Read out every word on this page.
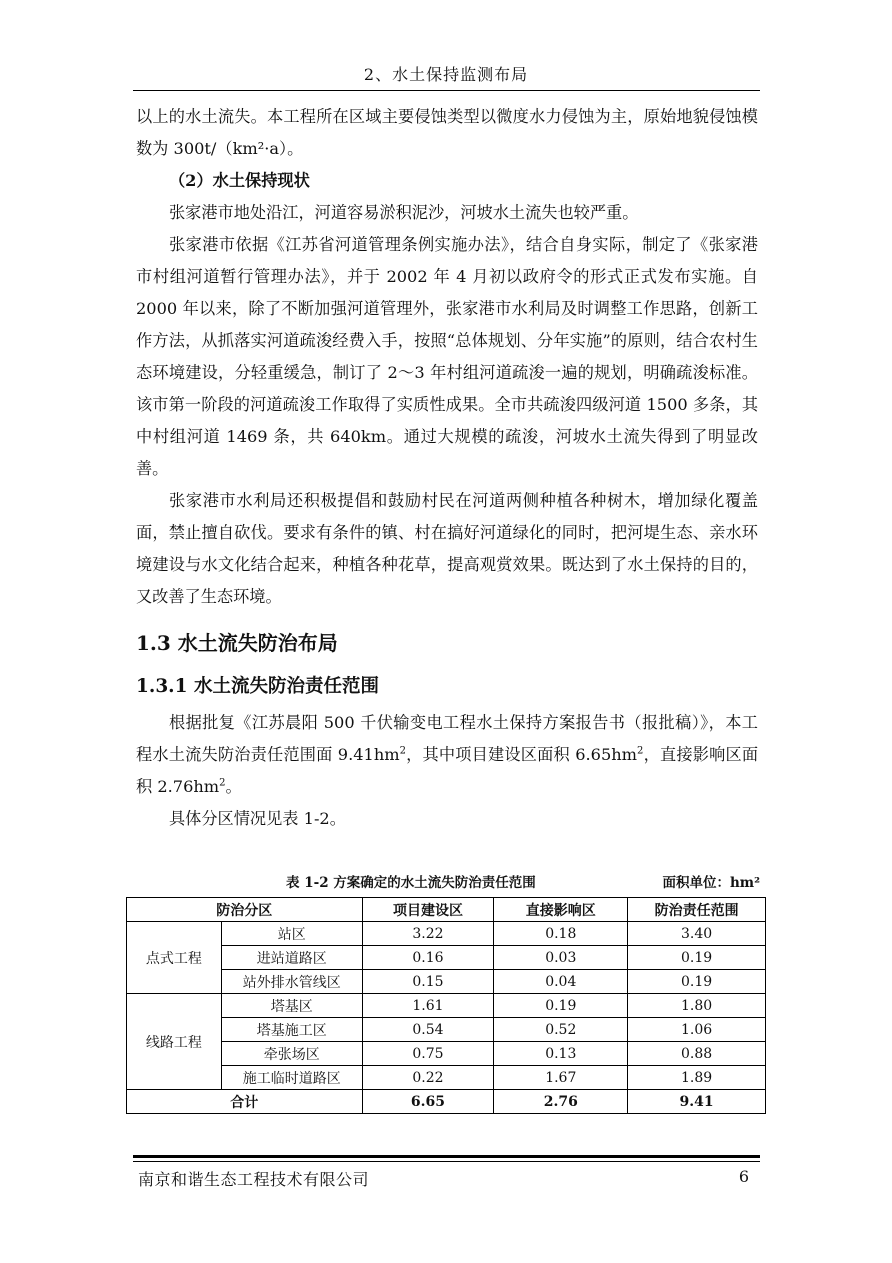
2、水土保持监测布局

以上的水土流失。本工程所在区域主要侵蚀类型以微度水力侵蚀为主，原始地貌侵蚀模数为 300t/（km²·a）。

（2）水土保持现状

张家港市地处沿江，河道容易淤积泥沙，河坡水土流失也较严重。

张家港市依据《江苏省河道管理条例实施办法》，结合自身实际，制定了《张家港市村组河道暂行管理办法》，并于 2002 年 4 月初以政府令的形式正式发布实施。自 2000 年以来，除了不断加强河道管理外，张家港市水利局及时调整工作思路，创新工作方法，从抓落实河道疏浚经费入手，按照“总体规划、分年实施”的原则，结合农村生态环境建设，分轻重缓急，制订了 2～3 年村组河道疏浚一遍的规划，明确疏浚标准。该市第一阶段的河道疏浚工作取得了实质性成果。全市共疏浚四级河道 1500 多条，其中村组河道 1469 条，共 640km。通过大规模的疏浚，河坡水土流失得到了明显改善。

张家港市水利局还积极提倡和鼓励村民在河道两侧种植各种树木，增加绿化覆盖面，禁止擅自砍伐。要求有条件的镇、村在搞好河道绿化的同时，把河堤生态、亲水环境建设与水文化结合起来，种植各种花草，提高观赏效果。既达到了水土保持的目的，又改善了生态环境。

1.3 水土流失防治布局
1.3.1 水土流失防治责任范围

根据批复《江苏晨阳 500 千伏输变电工程水土保持方案报告书（报批稿）》，本工程水土流失防治责任范围面 $9.41hm^2$，其中项目建设区面积 $6.65hm^2$，直接影响区面积 $2.76hm^2$。

具体分区情况见表 1-2。

表 1-2 方案确定的水土流失防治责任范围	面积单位：hm²
防治分区		项目建设区	直接影响区	防治责任范围
点式工程	站区	3.22	0.18	3.40
	进站道路区	0.16	0.03	0.19
	站外排水管线区	0.15	0.04	0.19
线路工程	塔基区	1.61	0.19	1.80
	塔基施工区	0.54	0.52	1.06
	牵张场区	0.75	0.13	0.88
	施工临时道路区	0.22	1.67	1.89
合计		6.65	2.76	9.41
南京和谐生态工程技术有限公司	6
